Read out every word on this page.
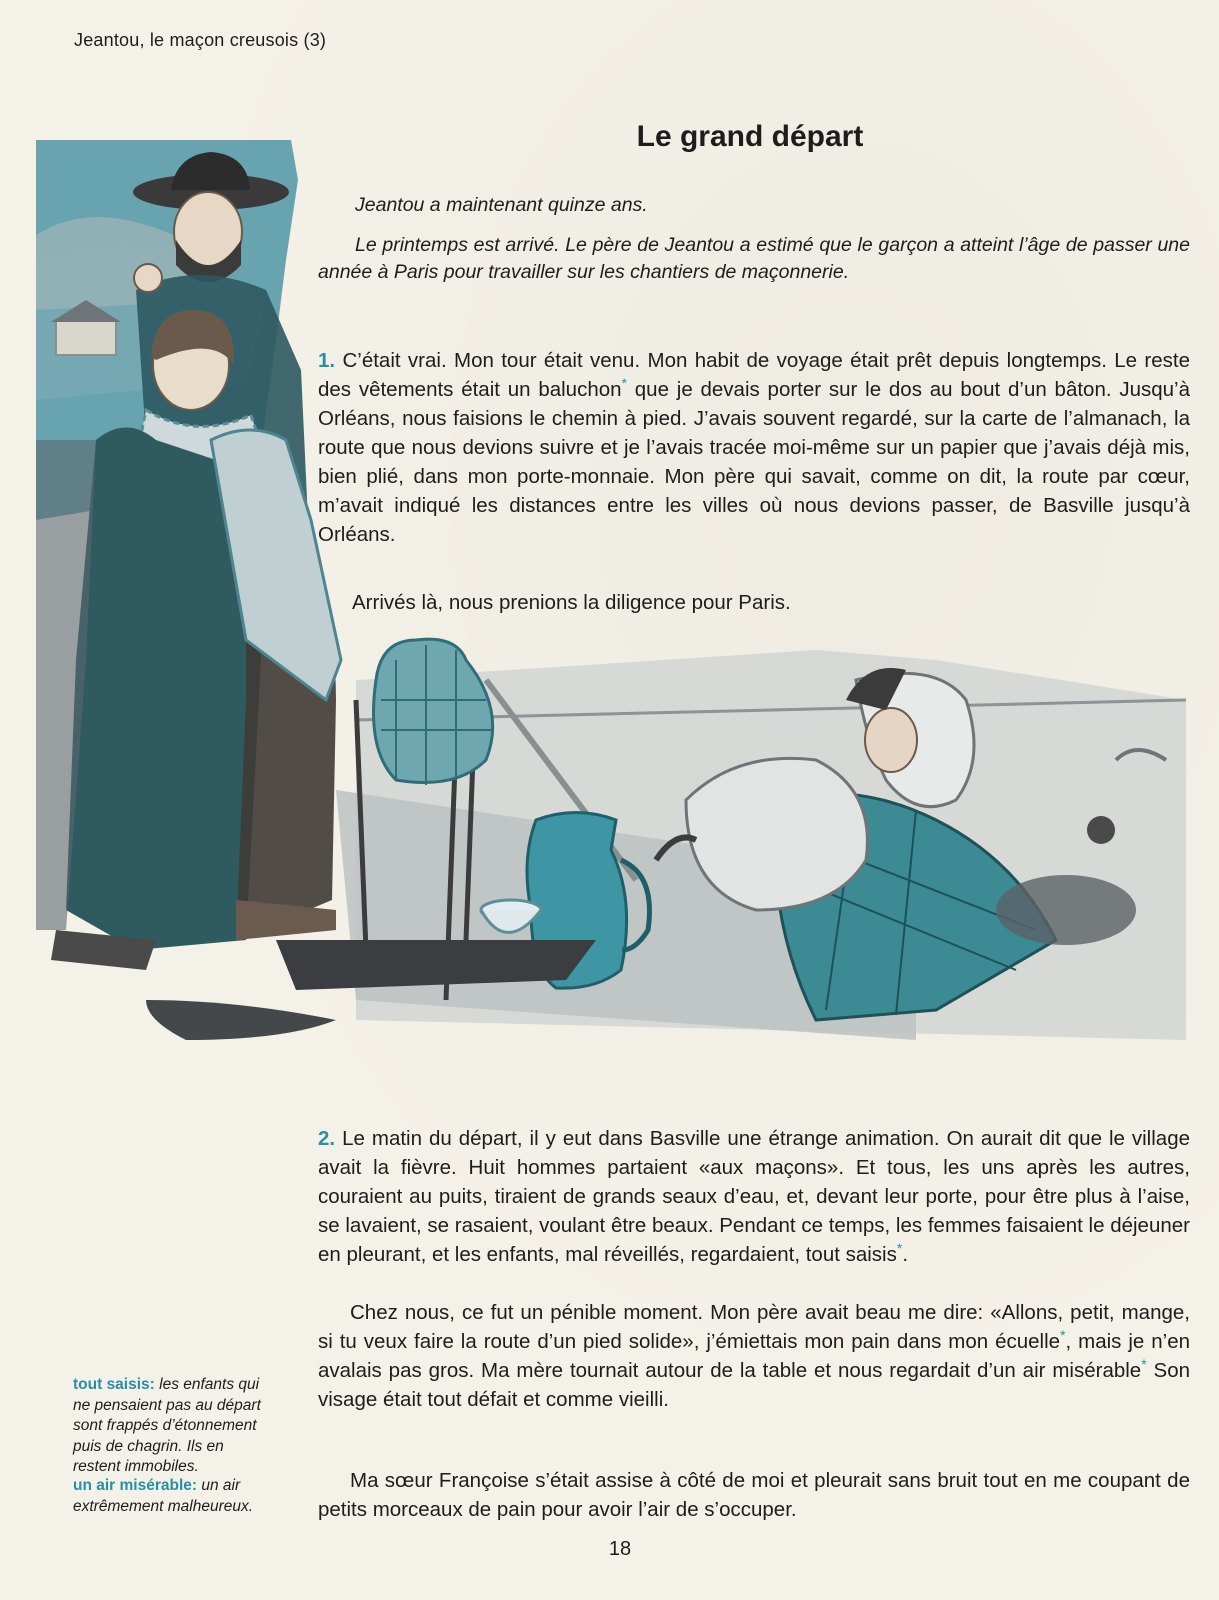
Jeantou, le maçon creusois (3)
Le grand départ

Jeantou a maintenant quinze ans.

Le printemps est arrivé. Le père de Jeantou a estimé que le garçon a atteint l’âge de passer une année à Paris pour travailler sur les chantiers de maçonnerie.

1. C’était vrai. Mon tour était venu. Mon habit de voyage était prêt depuis longtemps. Le reste des vêtements était un baluchon* que je devais porter sur le dos au bout d’un bâton. Jusqu’à Orléans, nous faisions le chemin à pied. J’avais souvent regardé, sur la carte de l’almanach, la route que nous devions suivre et je l’avais tracée moi-même sur un papier que j’avais déjà mis, bien plié, dans mon porte-monnaie. Mon père qui savait, comme on dit, la route par cœur, m’avait indiqué les distances entre les villes où nous devions passer, de Basville jusqu’à Orléans.

Arrivés là, nous prenions la diligence pour Paris.

2. Le matin du départ, il y eut dans Basville une étrange animation. On aurait dit que le village avait la fièvre. Huit hommes partaient «aux maçons». Et tous, les uns après les autres, couraient au puits, tiraient de grands seaux d’eau, et, devant leur porte, pour être plus à l’aise, se lavaient, se rasaient, voulant être beaux. Pendant ce temps, les femmes faisaient le déjeuner en pleurant, et les enfants, mal réveillés, regardaient, tout saisis*.

Chez nous, ce fut un pénible moment. Mon père avait beau me dire: «Allons, petit, mange, si tu veux faire la route d’un pied solide», j’émiettais mon pain dans mon écuelle*, mais je n’en avalais pas gros. Ma mère tournait autour de la table et nous regardait d’un air misérable* Son visage était tout défait et comme vieilli.

Ma sœur Françoise s’était assise à côté de moi et pleurait sans bruit tout en me coupant de petits morceaux de pain pour avoir l’air de s’occuper.

tout saisis: les enfants qui ne pensaient pas au départ sont frappés d’étonnement puis de chagrin. Ils en restent immobiles.

un air misérable: un air extrêmement malheureux.

18
